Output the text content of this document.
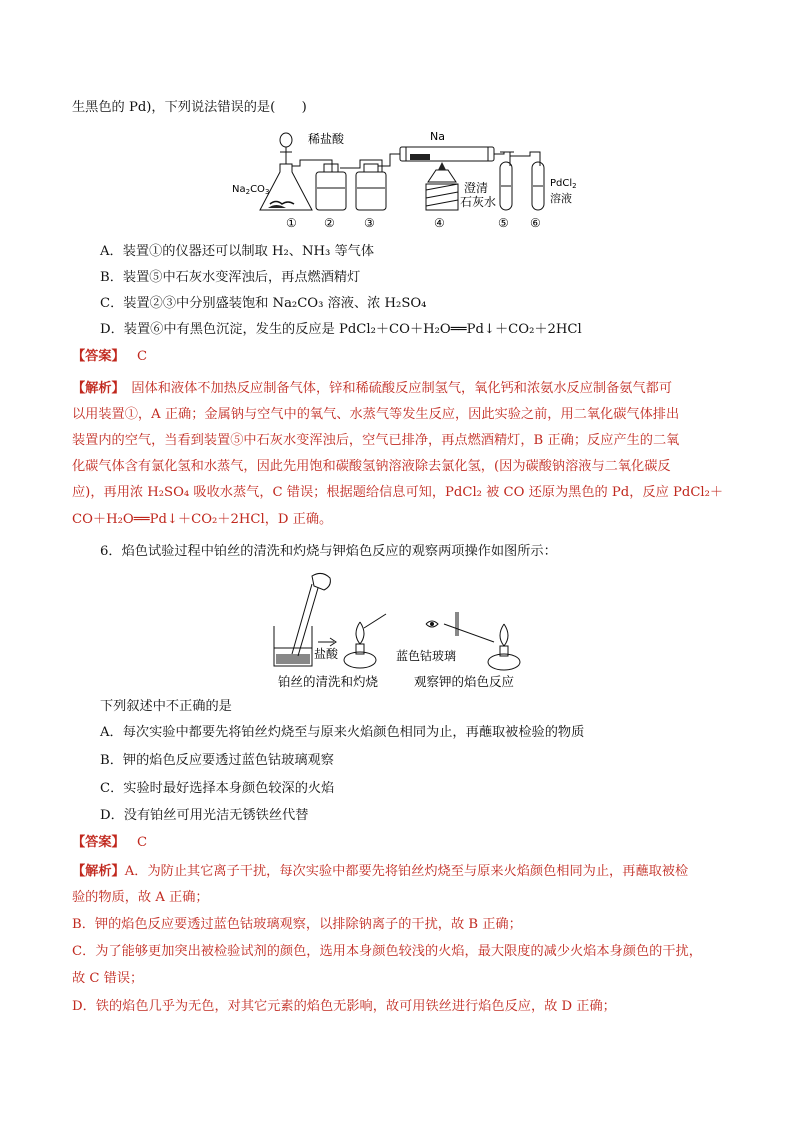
生黑色的 Pd)，下列说法错误的是(　　)
稀盐酸
$Na_2CO_3$
Na
澄清
石灰水
PdCl$_2$
溶液
① ② ③	④	⑤ ⑥
A．装置①的仪器还可以制取 H₂、NH₃ 等气体
B．装置⑤中石灰水变浑浊后，再点燃酒精灯
C．装置②③中分别盛装饱和 Na₂CO₃ 溶液、浓 H₂SO₄
D．装置⑥中有黑色沉淀，发生的反应是 PdCl₂＋CO＋H₂O══Pd↓＋CO₂＋2HCl
【答案】 C
【解析】　固体和液体不加热反应制备气体，锌和稀硫酸反应制氢气，氧化钙和浓氨水反应制备氨气都可
以用装置①，A 正确；金属钠与空气中的氧气、水蒸气等发生反应，因此实验之前，用二氧化碳气体排出
装置内的空气，当看到装置⑤中石灰水变浑浊后，空气已排净，再点燃酒精灯，B 正确；反应产生的二氧
化碳气体含有氯化氢和水蒸气，因此先用饱和碳酸氢钠溶液除去氯化氢，(因为碳酸钠溶液与二氧化碳反
应)，再用浓 H₂SO₄ 吸收水蒸气，C 错误；根据题给信息可知，PdCl₂ 被 CO 还原为黑色的 Pd，反应 PdCl₂＋
CO＋H₂O══Pd↓＋CO₂＋2HCl，D 正确。
6．焰色试验过程中铂丝的清洗和灼烧与钾焰色反应的观察两项操作如图所示：
盐酸	蓝色钴玻璃
铂丝的清洗和灼烧	观察钾的焰色反应
下列叙述中不正确的是
A．每次实验中都要先将铂丝灼烧至与原来火焰颜色相同为止，再蘸取被检验的物质
B．钾的焰色反应要透过蓝色钴玻璃观察
C．实验时最好选择本身颜色较深的火焰
D．没有铂丝可用光洁无锈铁丝代替
【答案】 C
【解析】A．为防止其它离子干扰，每次实验中都要先将铂丝灼烧至与原来火焰颜色相同为止，再蘸取被检
验的物质，故 A 正确；
B．钾的焰色反应要透过蓝色钴玻璃观察，以排除钠离子的干扰，故 B 正确；
C．为了能够更加突出被检验试剂的颜色，选用本身颜色较浅的火焰，最大限度的减少火焰本身颜色的干扰，
故 C 错误；
D．铁的焰色几乎为无色，对其它元素的焰色无影响，故可用铁丝进行焰色反应，故 D 正确；
